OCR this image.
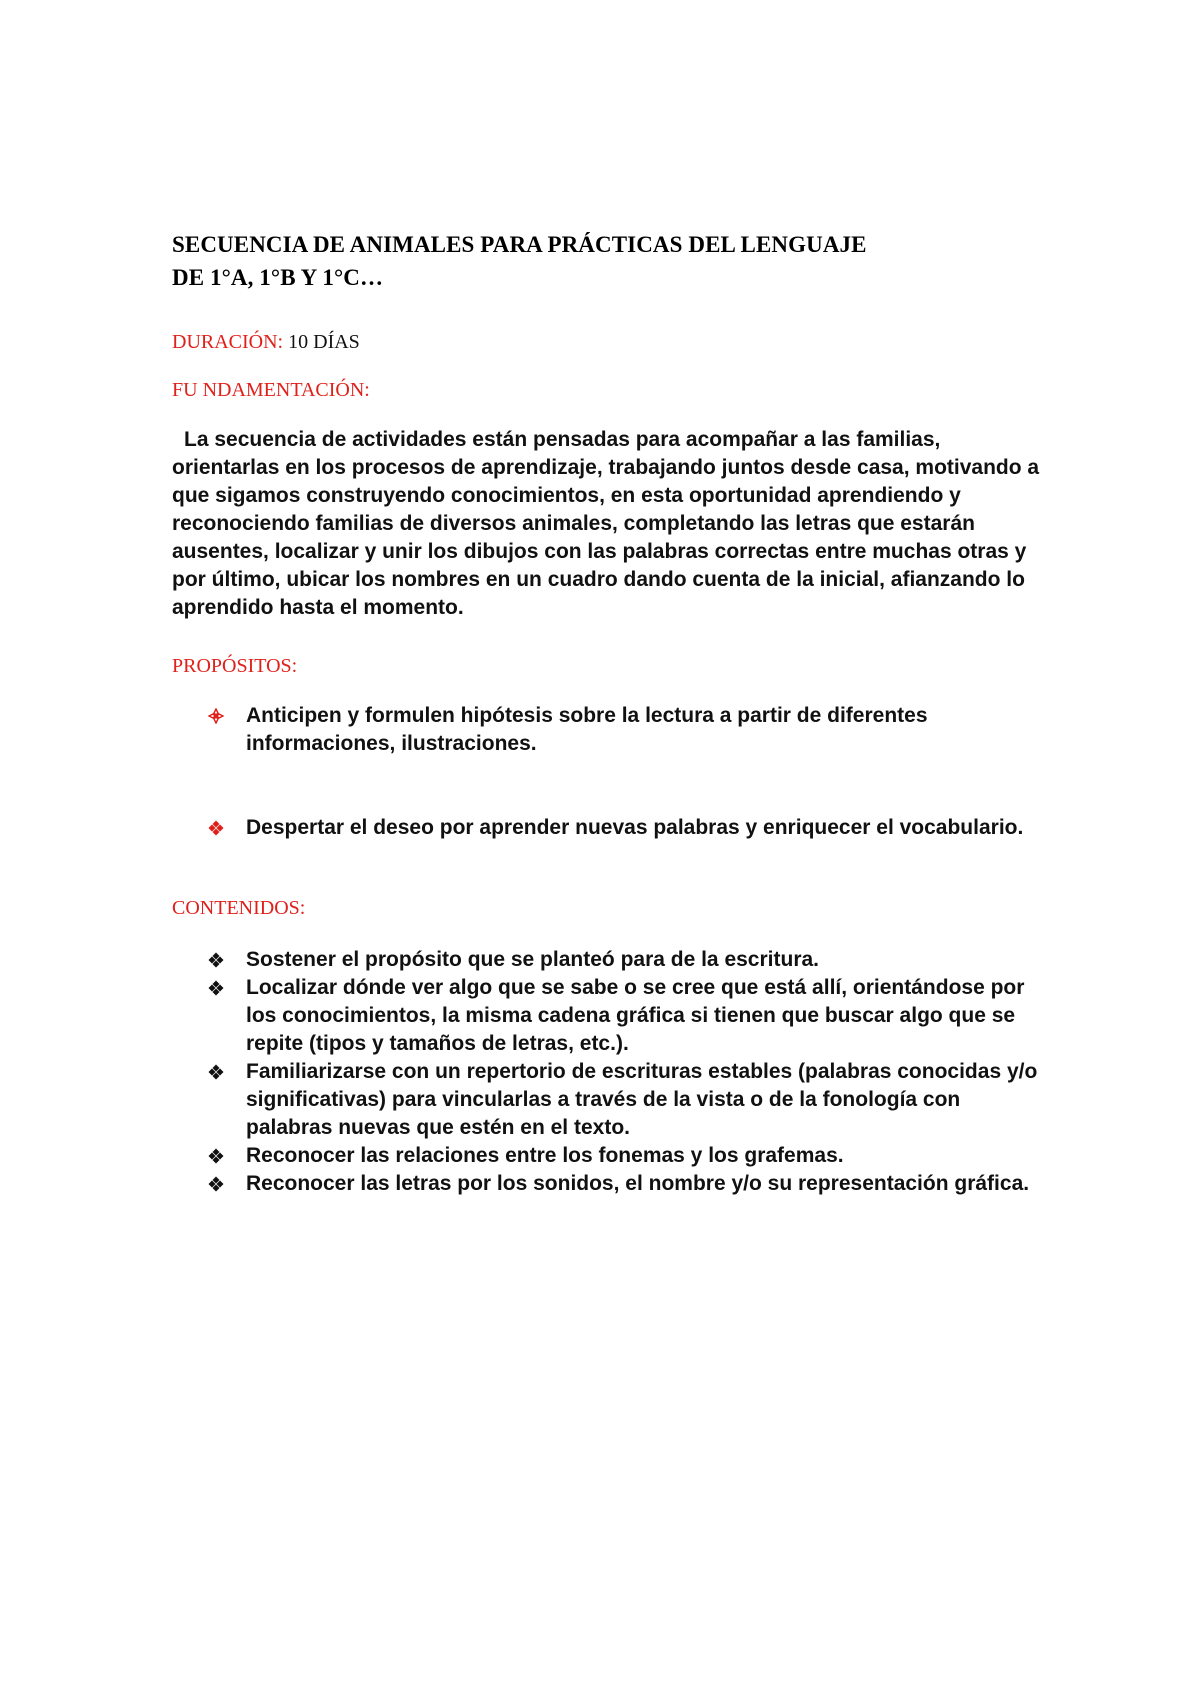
SECUENCIA DE ANIMALES PARA PRÁCTICAS DEL LENGUAJE
DE 1°A, 1°B Y 1°C…

DURACIÓN: 10 DÍAS

FU NDAMENTACIÓN:

La secuencia de actividades están pensadas para acompañar a las familias, orientarlas en los procesos de aprendizaje, trabajando juntos desde casa, motivando a que sigamos construyendo conocimientos, en esta oportunidad aprendiendo y reconociendo familias de diversos animales, completando las letras que estarán ausentes, localizar y unir los dibujos con las palabras correctas entre muchas otras y por último, ubicar los nombres en un cuadro dando cuenta de la inicial, afianzando lo aprendido hasta el momento.

PROPÓSITOS:

Anticipen y formulen hipótesis sobre la lectura a partir de diferentes informaciones, ilustraciones.
Despertar el deseo por aprender nuevas palabras y enriquecer el vocabulario.

CONTENIDOS:

Sostener el propósito que se planteó para de la escritura.
Localizar dónde ver algo que se sabe o se cree que está allí, orientándose por los conocimientos, la misma cadena gráfica si tienen que buscar algo que se repite (tipos y tamaños de letras, etc.).
Familiarizarse con un repertorio de escrituras estables (palabras conocidas y/o significativas) para vincularlas a través de la vista o de la fonología con palabras nuevas que estén en el texto.
Reconocer las relaciones entre los fonemas y los grafemas.
Reconocer las letras por los sonidos, el nombre y/o su representación gráfica.
